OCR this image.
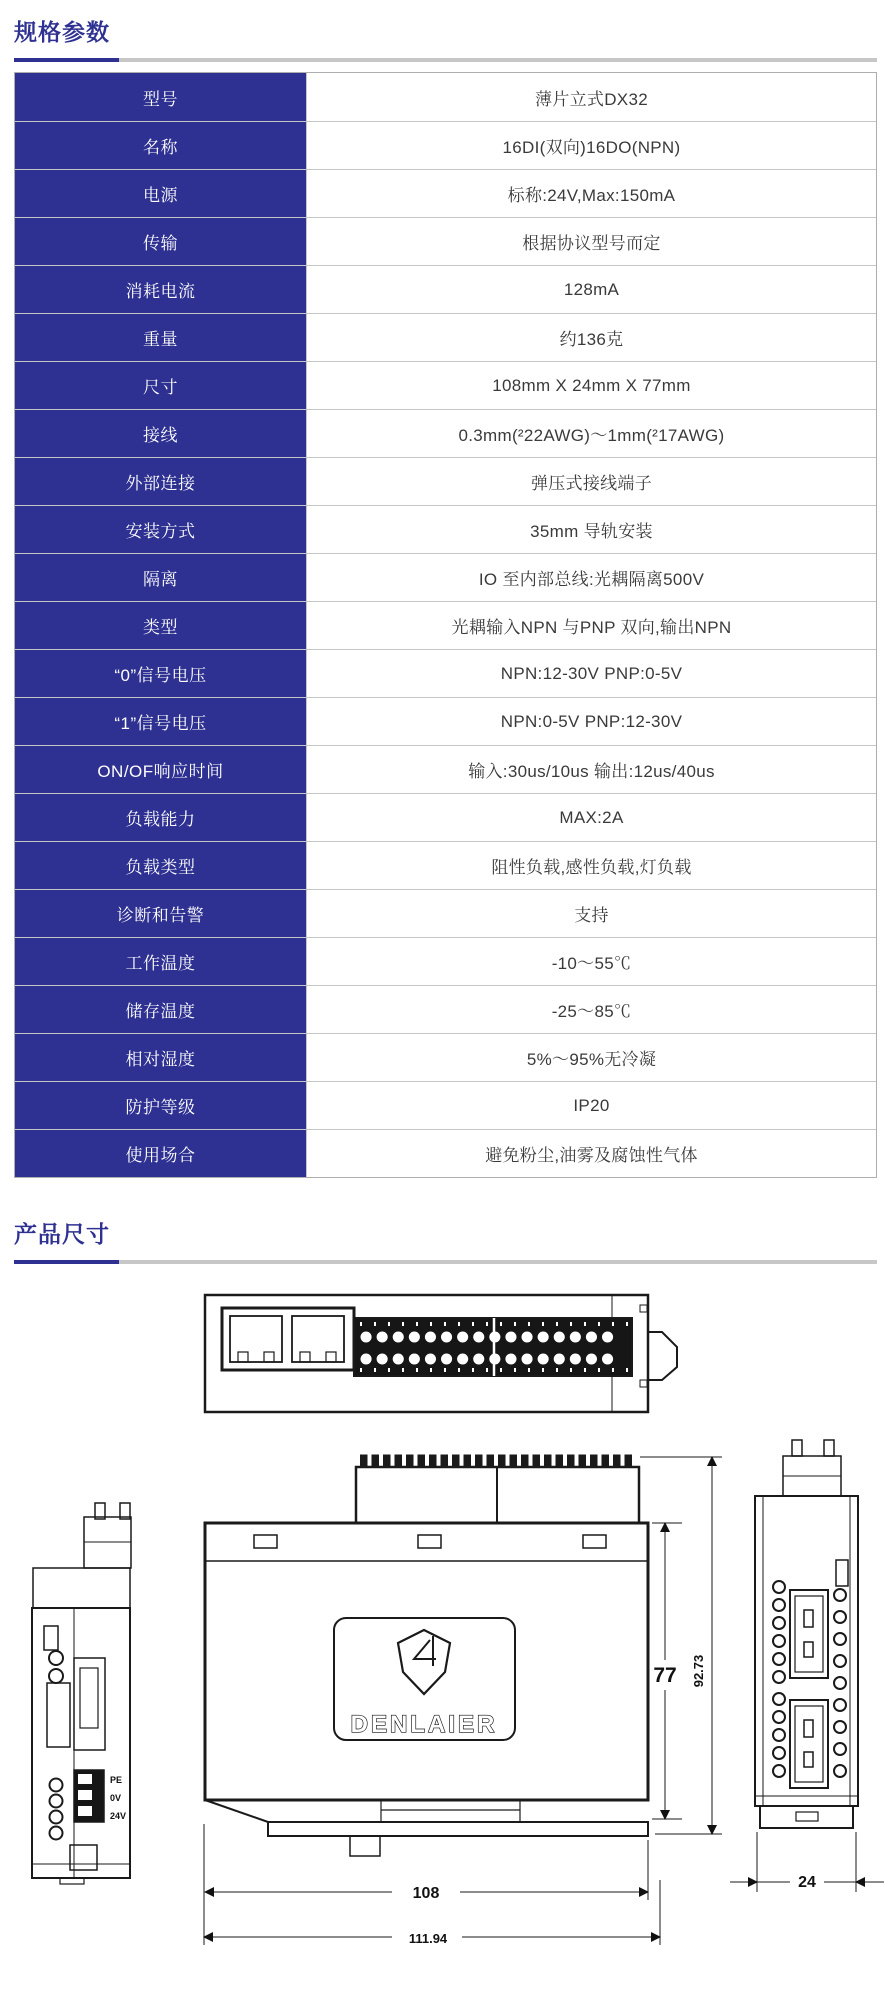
规格参数
型号	薄片立式DX32
名称	16DI(双向)16DO(NPN)
电源	标称:24V,Max:150mA
传输	根据协议型号而定
消耗电流	128mA
重量	约136克
尺寸	108mm X 24mm X 77mm
接线	0.3mm(²22AWG)～1mm(²17AWG)
外部连接	弹压式接线端子
安装方式	35mm 导轨安装
隔离	IO 至内部总线:光耦隔离500V
类型	光耦输入NPN 与PNP 双向,输出NPN
“0”信号电压	NPN:12-30V PNP:0-5V
“1”信号电压	NPN:0-5V PNP:12-30V
ON/OF响应时间	输入:30us/10us 输出:12us/40us
负载能力	MAX:2A
负载类型	阻性负载,感性负载,灯负载
诊断和告警	支持
工作温度	-10～55℃
储存温度	-25～85℃
相对湿度	5%～95%无冷凝
防护等级	IP20
使用场合	避免粉尘,油雾及腐蚀性气体
产品尺寸
PE
0V
24V
DENLAIER
77 92.73
108
111.94
24
